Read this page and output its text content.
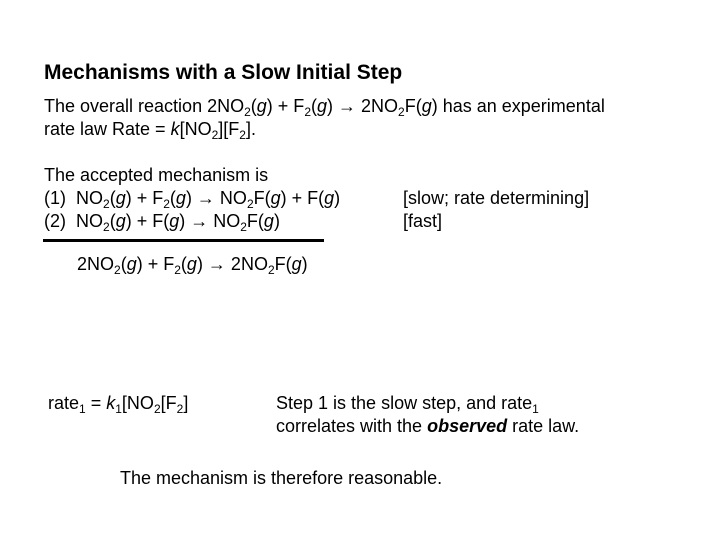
Mechanisms with a Slow Initial Step
The overall reaction $2NO_2(g) + F_2(g) \to 2NO_2F(g)$ has an experimental
rate law Rate = $k[NO_2][F_2]$.
The accepted mechanism is
(1)  $NO_2(g) + F_2(g) \to NO_2F(g) + F(g)$	[slow; rate determining]
(2)  $NO_2(g) + F(g) \to NO_2F(g)$	[fast]
$2NO_2(g) + F_2(g) \to 2NO_2F(g)$
rate$_1$ = $k_1[NO_2[F_2]$	Step 1 is the slow step, and rate$_1$
correlates with the observed rate law.
The mechanism is therefore reasonable.
